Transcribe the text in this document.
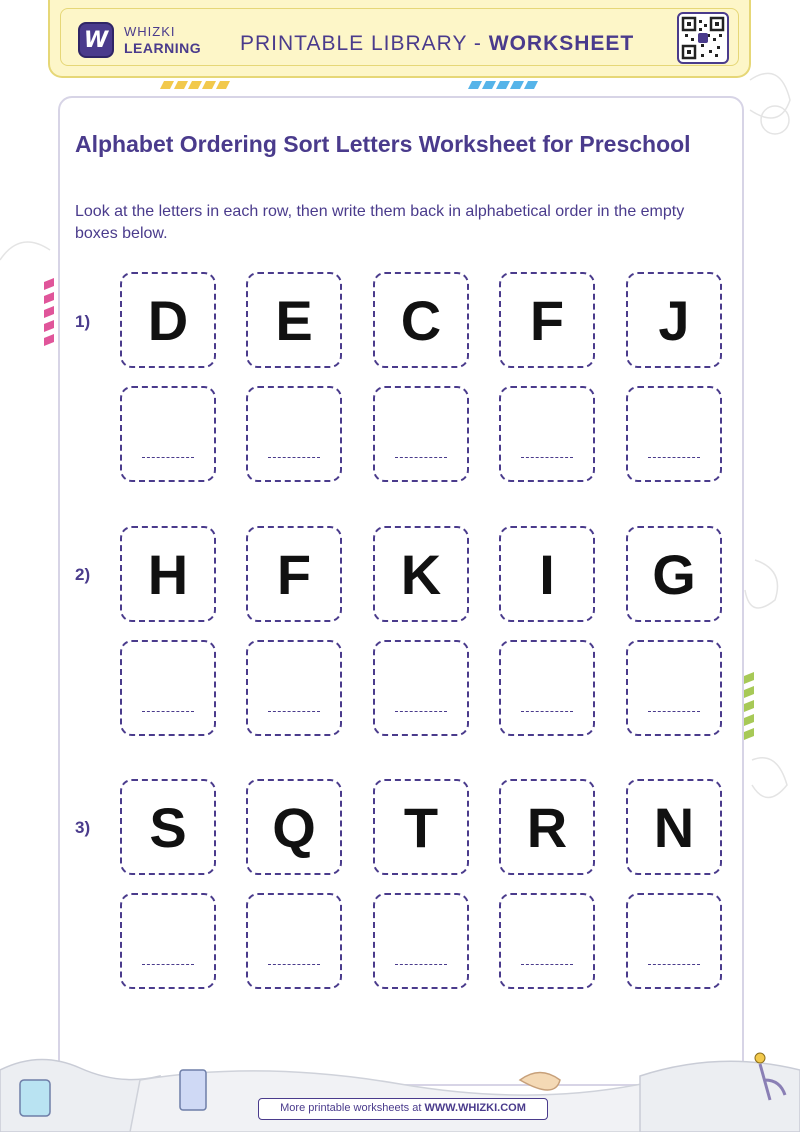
W WHIZKI
LEARNING PRINTABLE LIBRARY - WORKSHEET
Alphabet Ordering Sort Letters Worksheet for Preschool

Look at the letters in each row, then write them back in alphabetical order in the empty boxes below.

1) D E C F J
2) H F K I G
3) S Q T R N
More printable worksheets at WWW.WHIZKI.COM
